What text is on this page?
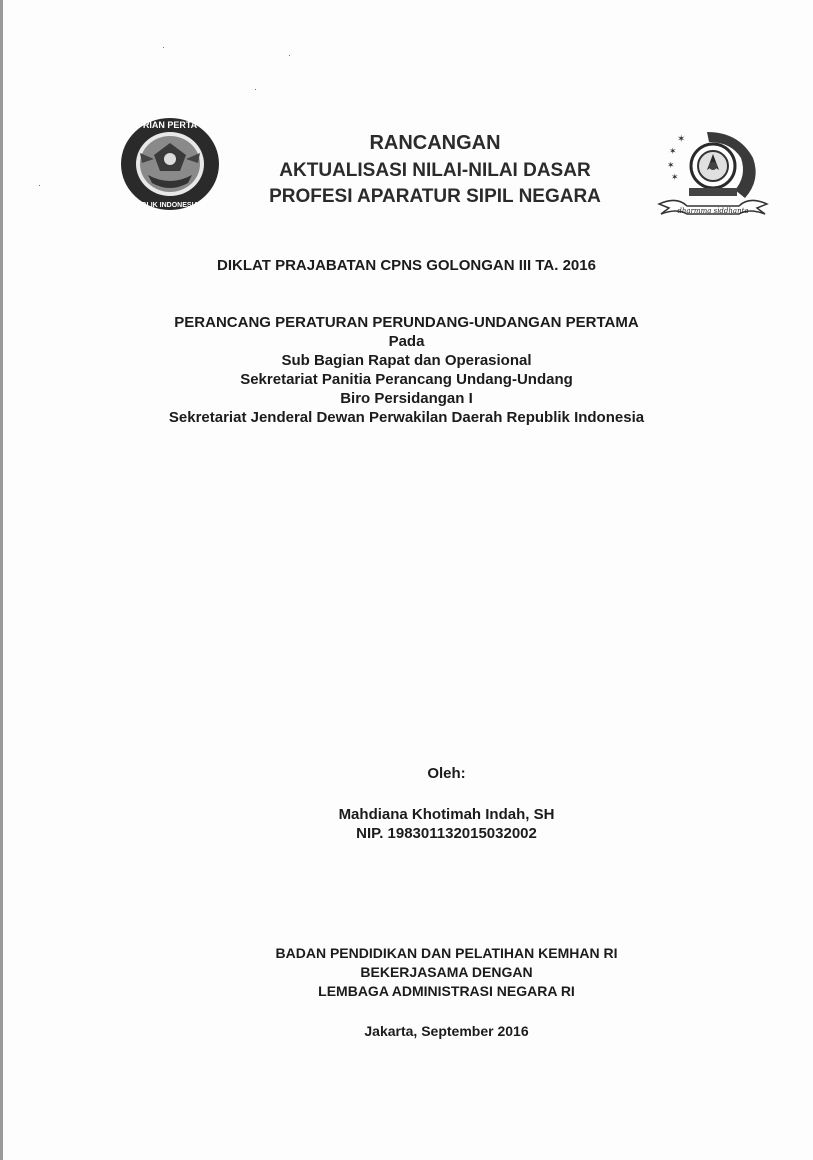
·
·
·
·
RIAN PERTA
BLIK INDONESIA
RANCANGAN
AKTUALISASI NILAI-NILAI DASAR
PROFESI APARATUR SIPIL NEGARA
✶
✶
✶
✶
dharmma siddhanta
DIKLAT PRAJABATAN CPNS GOLONGAN III TA. 2016
PERANCANG PERATURAN PERUNDANG-UNDANGAN PERTAMA
Pada
Sub Bagian Rapat dan Operasional
Sekretariat Panitia Perancang Undang-Undang
Biro Persidangan I
Sekretariat Jenderal Dewan Perwakilan Daerah Republik Indonesia
Oleh:
Mahdiana Khotimah Indah, SH
NIP. 198301132015032002
BADAN PENDIDIKAN DAN PELATIHAN KEMHAN RI
BEKERJASAMA DENGAN
LEMBAGA ADMINISTRASI NEGARA RI
Jakarta, September 2016
